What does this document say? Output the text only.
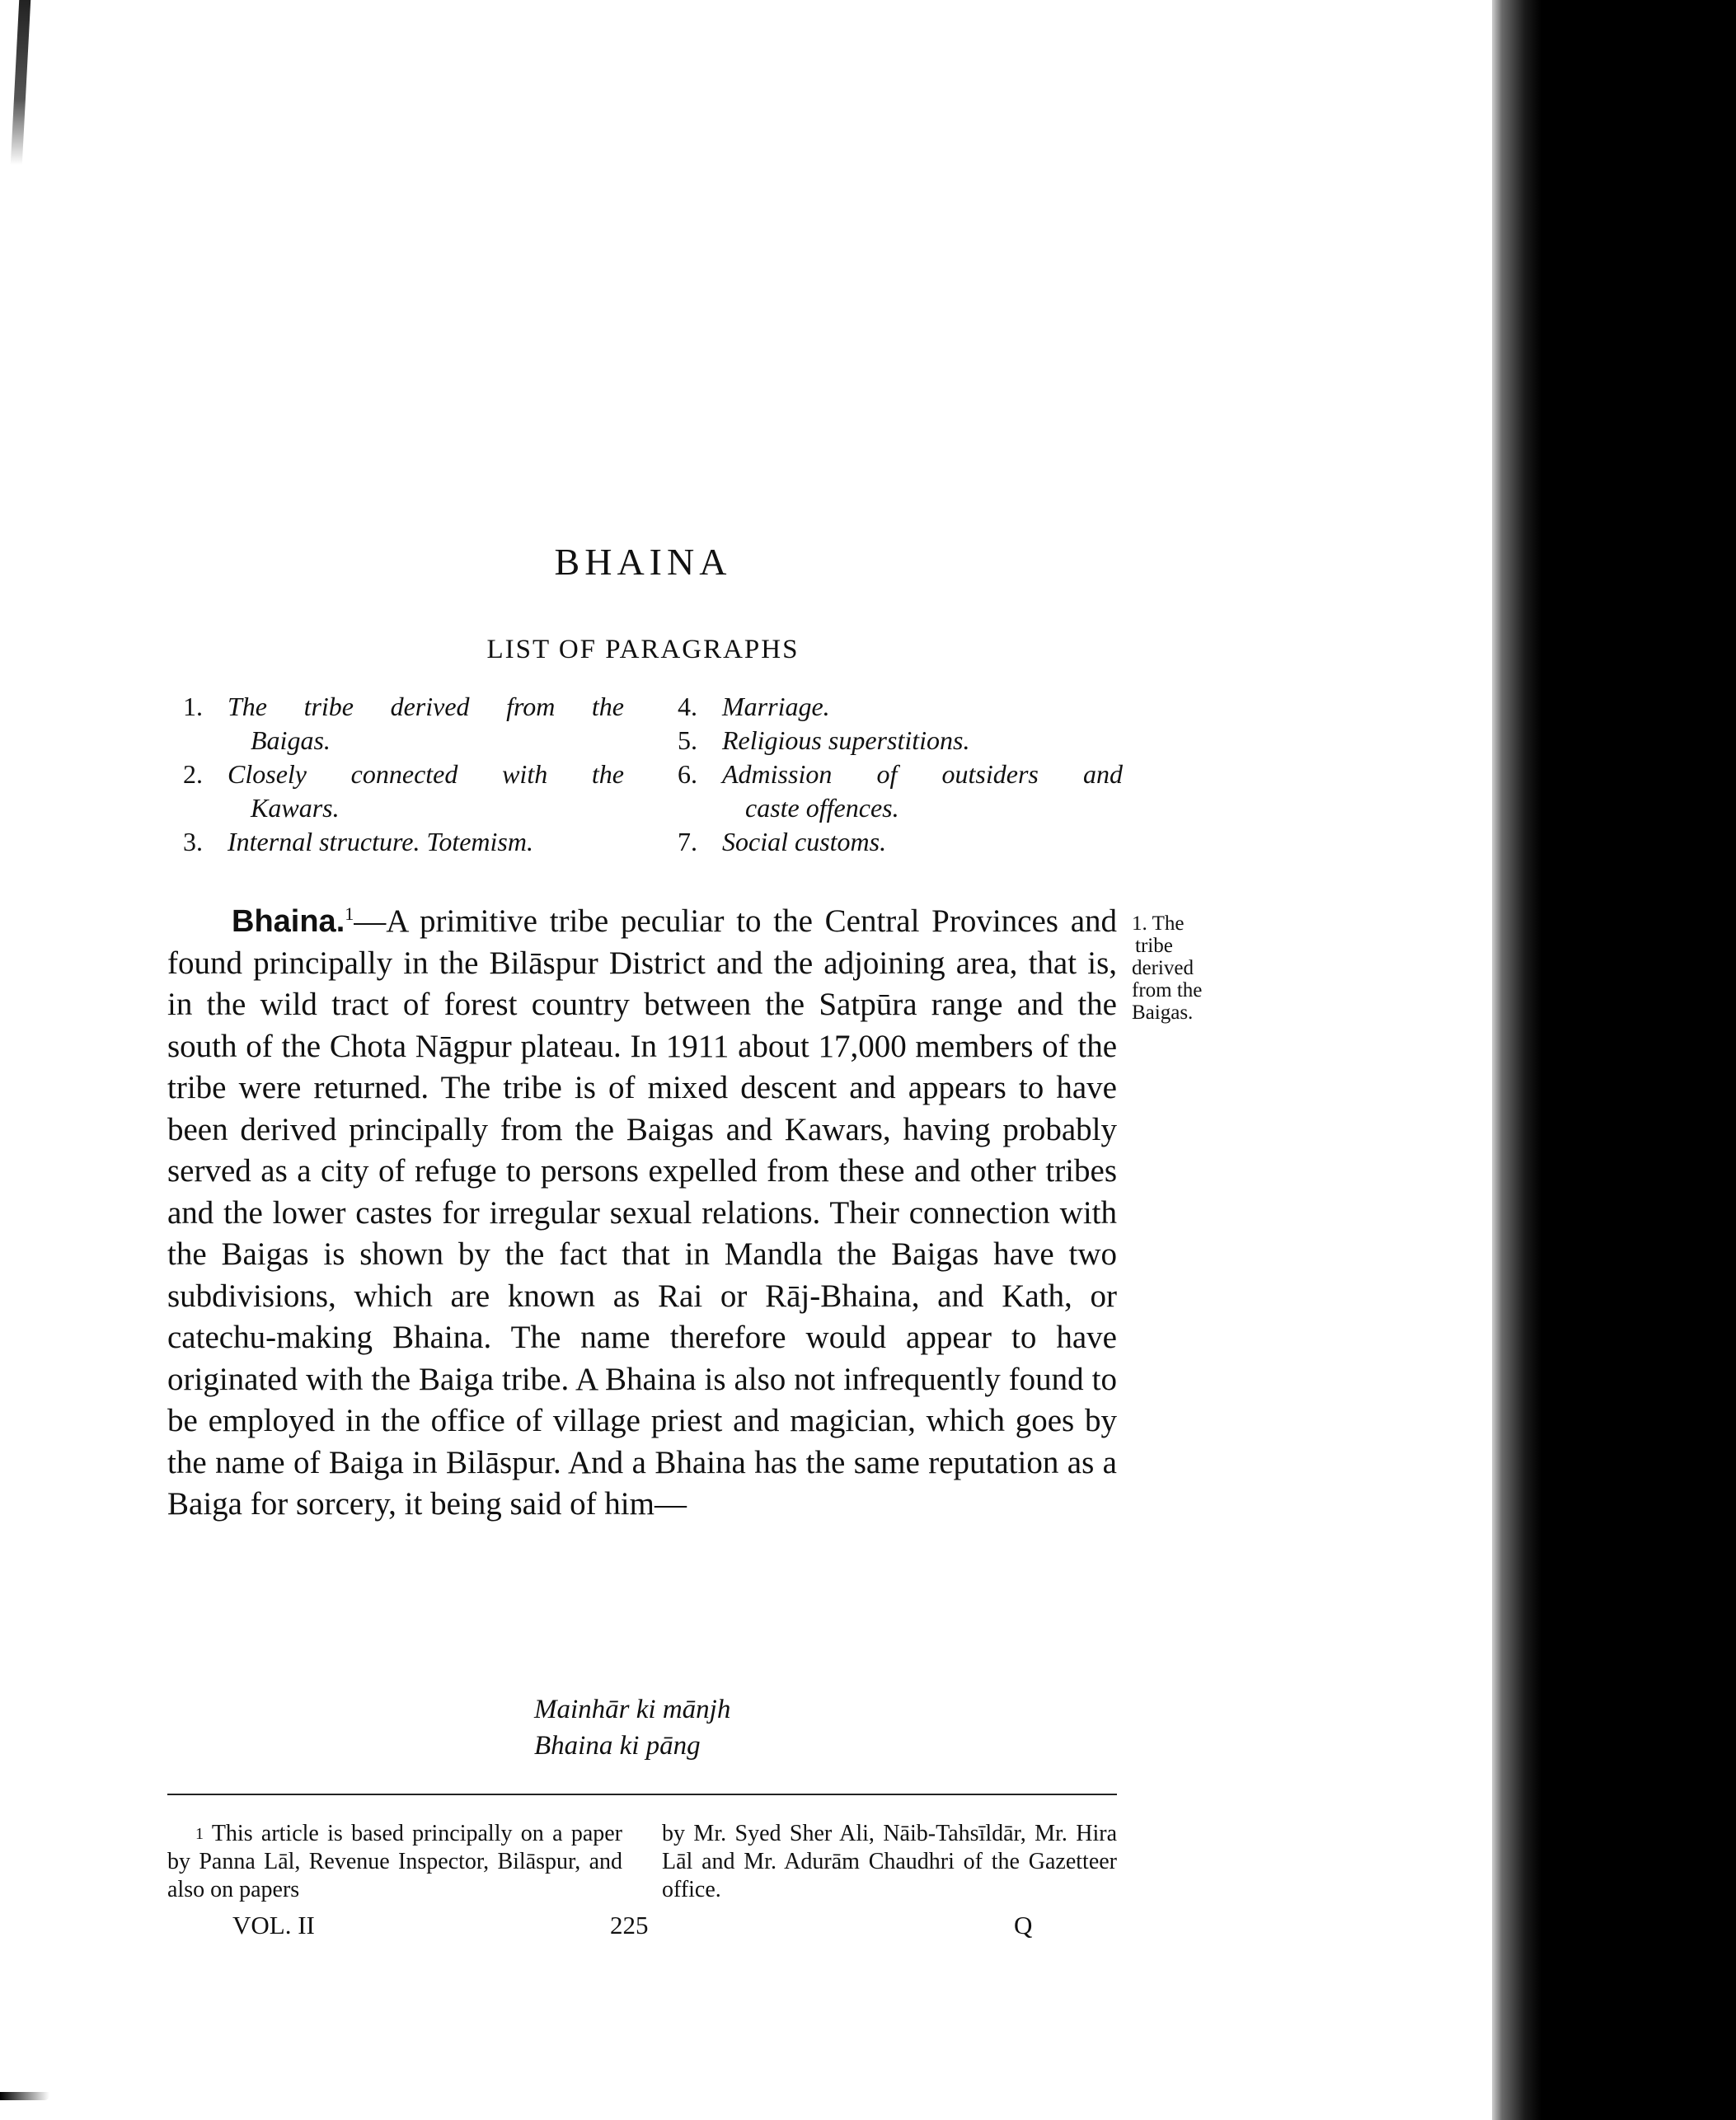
BHAINA
LIST OF PARAGRAPHS
1. The tribe derived from the
Baigas.
2. Closely connected with the
Kawars.
3. Internal structure. Totemism.
4. Marriage.
5. Religious superstitions.
6. Admission of outsiders and
caste offences.
7. Social customs.
Bhaina.$^1$—A primitive tribe peculiar to the Central Provinces and found principally in the Bilāspur District and the adjoining area, that is, in the wild tract of forest country between the Satpūra range and the south of the Chota Nāgpur plateau. In 1911 about 17,000 members of the tribe were returned. The tribe is of mixed descent and appears to have been derived principally from the Baigas and Kawars, having probably served as a city of refuge to persons expelled from these and other tribes and the lower castes for irregular sexual relations. Their connection with the Baigas is shown by the fact that in Mandla the Baigas have two subdivisions, which are known as Rai or Rāj-Bhaina, and Kath, or catechu-making Bhaina. The name therefore would appear to have originated with the Baiga tribe. A Bhaina is also not infrequently found to be employed in the office of village priest and magician, which goes by the name of Baiga in Bilāspur. And a Bhaina has the same reputation as a Baiga for sorcery, it being said of him—
1. The
tribe
derived
from the
Baigas.
Mainhār ki mānjh
Bhaina ki pāng
$^1$ This article is based principally on a paper by Panna Lāl, Revenue Inspector, Bilāspur, and also on papers
by Mr. Syed Sher Ali, Nāib-Tahsīldār, Mr. Hira Lāl and Mr. Adurām Chaudhri of the Gazetteer office.
VOL. II	225	Q
